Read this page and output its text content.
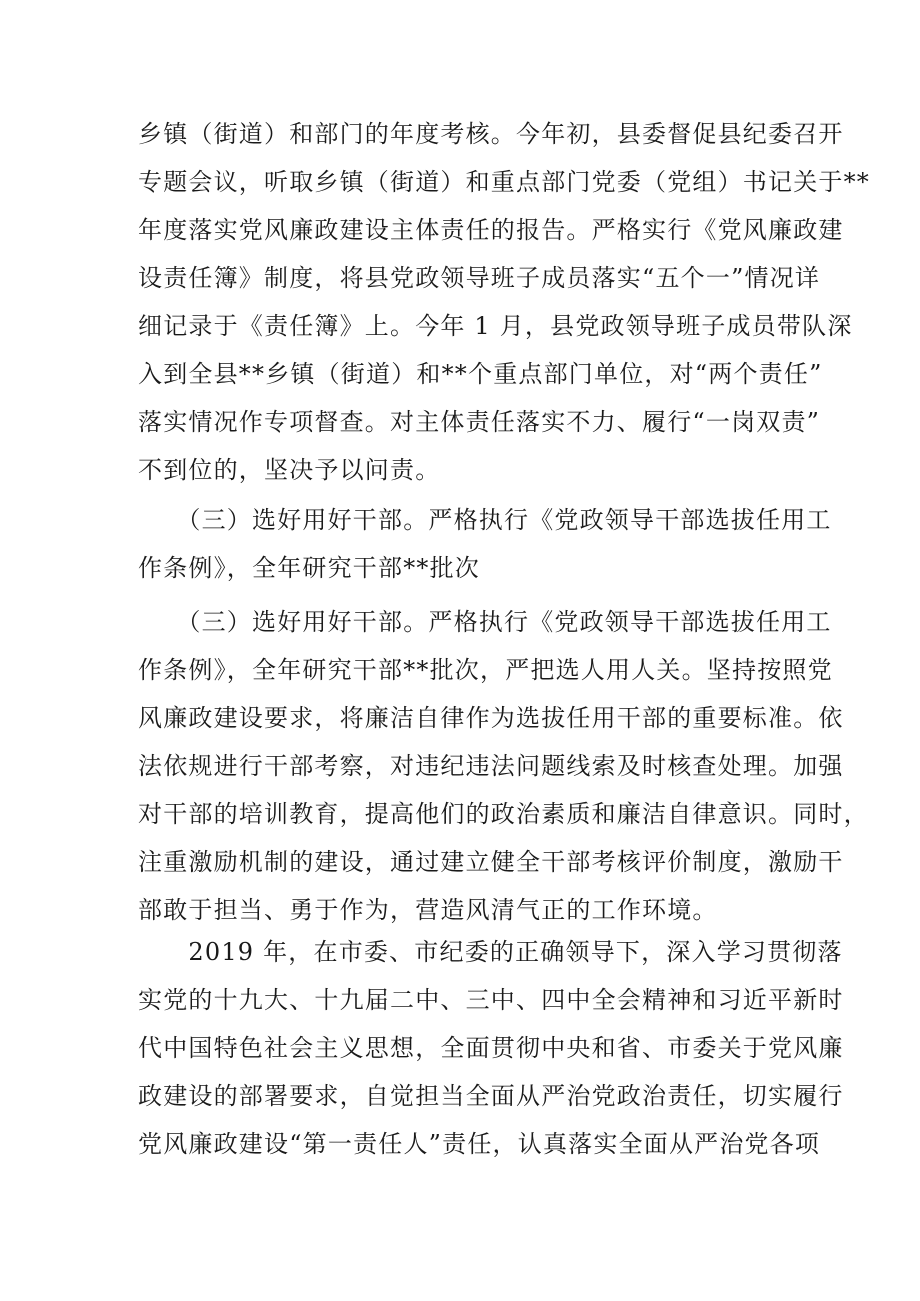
乡镇（街道）和部门的年度考核。今年初，县委督促县纪委召开
专题会议，听取乡镇（街道）和重点部门党委（党组）书记关于**
年度落实党风廉政建设主体责任的报告。严格实行《党风廉政建
设责任簿》制度，将县党政领导班子成员落实“五个一”情况详
细记录于《责任簿》上。今年 1 月，县党政领导班子成员带队深
入到全县**乡镇（街道）和**个重点部门单位，对“两个责任”
落实情况作专项督查。对主体责任落实不力、履行“一岗双责”
不到位的，坚决予以问责。
　　（三）选好用好干部。严格执行《党政领导干部选拔任用工
作条例》，全年研究干部**批次
　　（三）选好用好干部。严格执行《党政领导干部选拔任用工
作条例》，全年研究干部**批次，严把选人用人关。坚持按照党
风廉政建设要求，将廉洁自律作为选拔任用干部的重要标准。依
法依规进行干部考察，对违纪违法问题线索及时核查处理。加强
对干部的培训教育，提高他们的政治素质和廉洁自律意识。同时，
注重激励机制的建设，通过建立健全干部考核评价制度，激励干
部敢于担当、勇于作为，营造风清气正的工作环境。
　　2019 年，在市委、市纪委的正确领导下，深入学习贯彻落
实党的十九大、十九届二中、三中、四中全会精神和习近平新时
代中国特色社会主义思想，全面贯彻中央和省、市委关于党风廉
政建设的部署要求，自觉担当全面从严治党政治责任，切实履行
党风廉政建设“第一责任人”责任，认真落实全面从严治党各项
